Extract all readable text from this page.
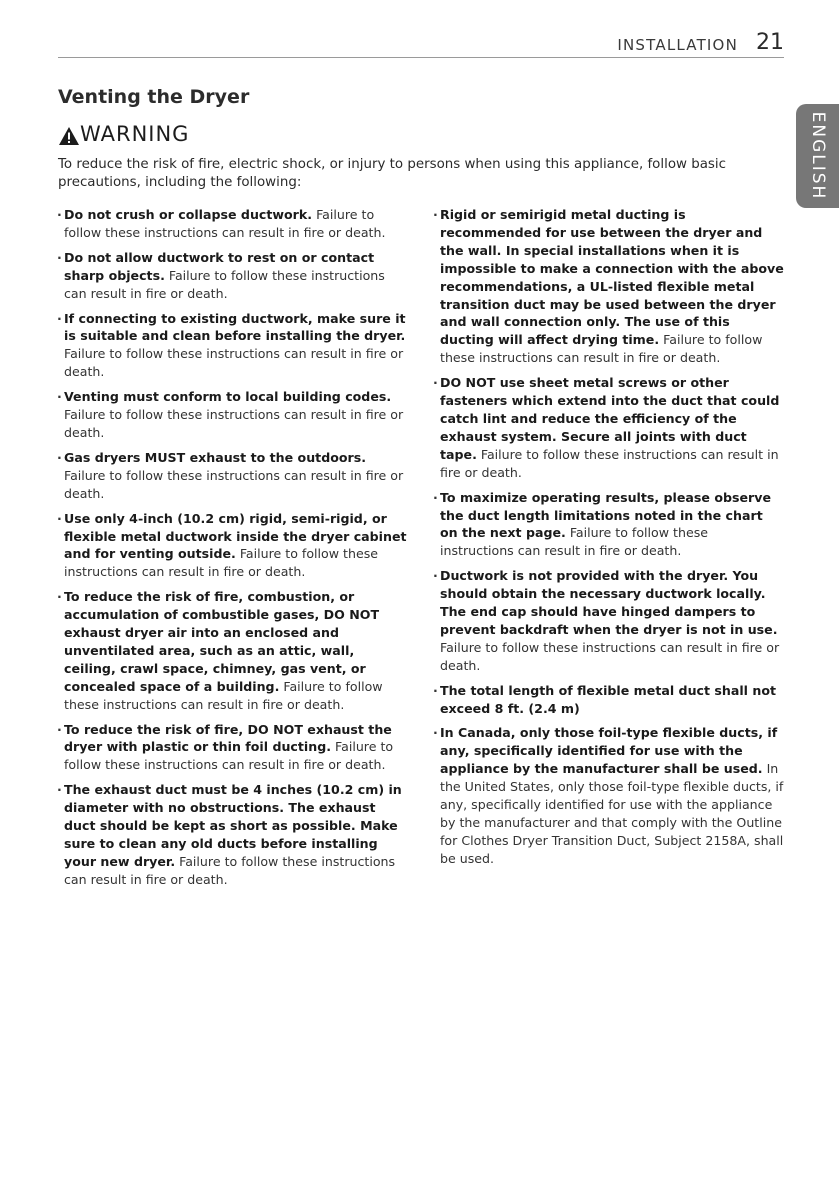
INSTALLATION 21
ENGLISH
Venting the Dryer
WARNING

To reduce the risk of fire, electric shock, or injury to persons when using this appliance, follow basic precautions, including the following:

· Do not crush or collapse ductwork. Failure to follow these instructions can result in fire or death.
· Do not allow ductwork to rest on or contact sharp objects. Failure to follow these instructions can result in fire or death.
· If connecting to existing ductwork, make sure it is suitable and clean before installing the dryer. Failure to follow these instructions can result in fire or death.
· Venting must conform to local building codes. Failure to follow these instructions can result in fire or death.
· Gas dryers MUST exhaust to the outdoors. Failure to follow these instructions can result in fire or death.
· Use only 4-inch (10.2 cm) rigid, semi-rigid, or flexible metal ductwork inside the dryer cabinet and for venting outside. Failure to follow these instructions can result in fire or death.
· To reduce the risk of fire, combustion, or accumulation of combustible gases, DO NOT exhaust dryer air into an enclosed and unventilated area, such as an attic, wall, ceiling, crawl space, chimney, gas vent, or concealed space of a building. Failure to follow these instructions can result in fire or death.
· To reduce the risk of fire, DO NOT exhaust the dryer with plastic or thin foil ducting. Failure to follow these instructions can result in fire or death.
· The exhaust duct must be 4 inches (10.2 cm) in diameter with no obstructions. The exhaust duct should be kept as short as possible. Make sure to clean any old ducts before installing your new dryer. Failure to follow these instructions can result in fire or death.
· Rigid or semirigid metal ducting is recommended for use between the dryer and the wall. In special installations when it is impossible to make a connection with the above recommendations, a UL-listed flexible metal transition duct may be used between the dryer and wall connection only. The use of this ducting will affect drying time. Failure to follow these instructions can result in fire or death.
· DO NOT use sheet metal screws or other fasteners which extend into the duct that could catch lint and reduce the efficiency of the exhaust system. Secure all joints with duct tape. Failure to follow these instructions can result in fire or death.
· To maximize operating results, please observe the duct length limitations noted in the chart on the next page. Failure to follow these instructions can result in fire or death.
· Ductwork is not provided with the dryer. You should obtain the necessary ductwork locally. The end cap should have hinged dampers to prevent backdraft when the dryer is not in use. Failure to follow these instructions can result in fire or death.
· The total length of flexible metal duct shall not exceed 8 ft. (2.4 m)
· In Canada, only those foil-type flexible ducts, if any, specifically identified for use with the appliance by the manufacturer shall be used. In the United States, only those foil-type flexible ducts, if any, specifically identified for use with the appliance by the manufacturer and that comply with the Outline for Clothes Dryer Transition Duct, Subject 2158A, shall be used.
